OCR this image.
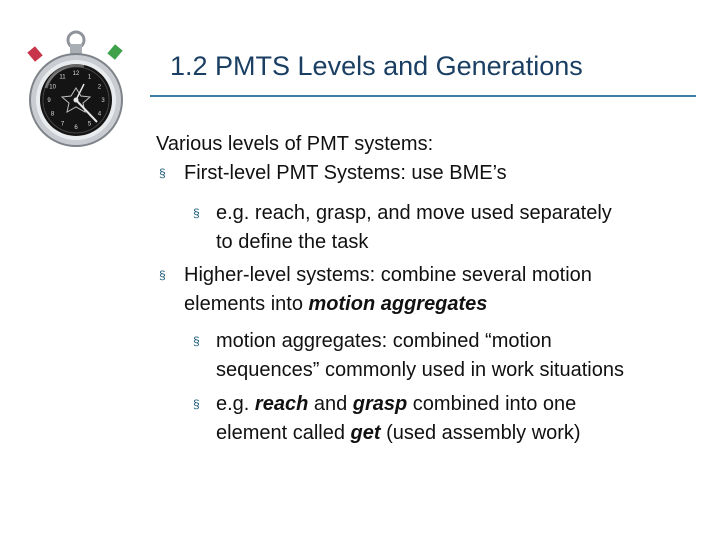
12
1
2
3
4
5
6
7
8
9
10
11	1.2 PMTS Levels and Generations
Various levels of PMT systems:
§ First-level PMT Systems: use BME’s
§ e.g. reach, grasp, and move used separately
to define the task
§ Higher-level systems: combine several motion
elements into motion aggregates
§ motion aggregates: combined “motion
sequences” commonly used in work situations
§ e.g. reach and grasp combined into one
element called get (used assembly work)
